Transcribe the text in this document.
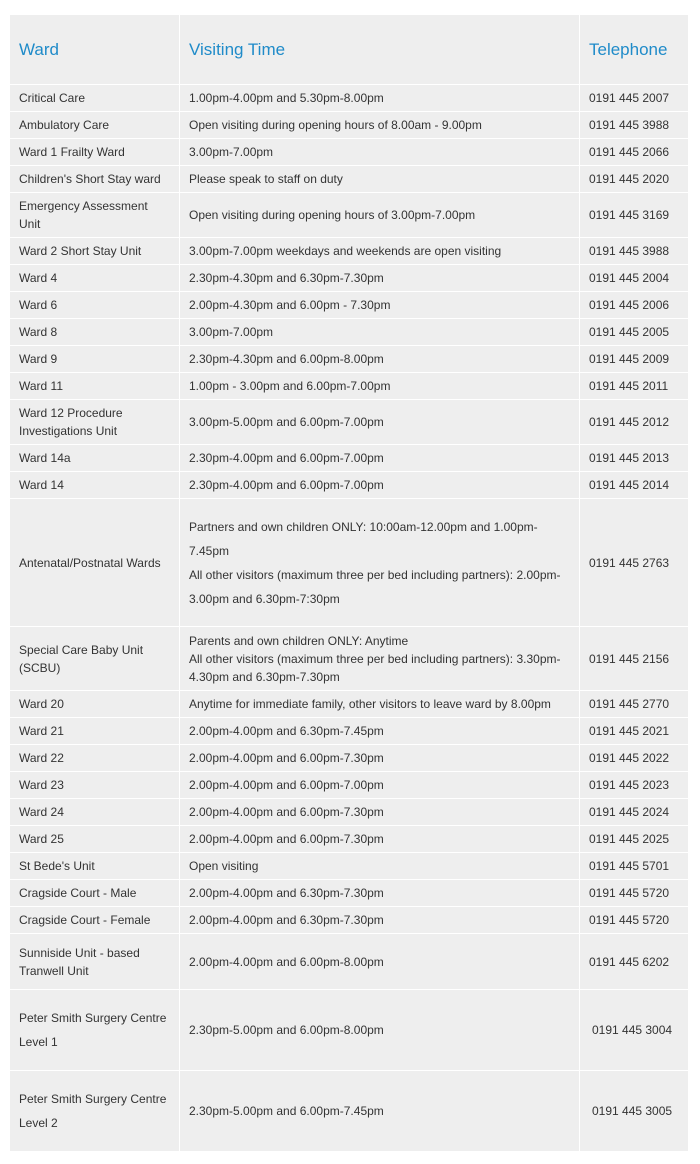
Ward	Visiting Time	Telephone
Critical Care	1.00pm-4.00pm and 5.30pm-8.00pm	0191 445 2007
Ambulatory Care	Open visiting during opening hours of 8.00am - 9.00pm	0191 445 3988
Ward 1 Frailty Ward	3.00pm-7.00pm	0191 445 2066
Children's Short Stay ward	Please speak to staff on duty	0191 445 2020
Emergency Assessment Unit	Open visiting during opening hours of 3.00pm-7.00pm	0191 445 3169
Ward 2 Short Stay Unit	3.00pm-7.00pm weekdays and weekends are open visiting	0191 445 3988
Ward 4	2.30pm-4.30pm and 6.30pm-7.30pm	0191 445 2004
Ward 6	2.00pm-4.30pm and 6.00pm - 7.30pm	0191 445 2006
Ward 8	3.00pm-7.00pm	0191 445 2005
Ward 9	2.30pm-4.30pm and 6.00pm-8.00pm	0191 445 2009
Ward 11	1.00pm - 3.00pm and 6.00pm-7.00pm	0191 445 2011
Ward 12 Procedure Investigations Unit	3.00pm-5.00pm and 6.00pm-7.00pm	0191 445 2012
Ward 14a	2.30pm-4.00pm and 6.00pm-7.00pm	0191 445 2013
Ward 14	2.30pm-4.00pm and 6.00pm-7.00pm	0191 445 2014
Antenatal/Postnatal Wards	Partners and own children ONLY: 10:00am-12.00pm and 1.00pm-7.45pm
All other visitors (maximum three per bed including partners): 2.00pm-3.00pm and 6.30pm-7:30pm	0191 445 2763
Special Care Baby Unit (SCBU)	Parents and own children ONLY: Anytime
All other visitors (maximum three per bed including partners): 3.30pm-4.30pm and 6.30pm-7.30pm	0191 445 2156
Ward 20	Anytime for immediate family, other visitors to leave ward by 8.00pm	0191 445 2770
Ward 21	2.00pm-4.00pm and 6.30pm-7.45pm	0191 445 2021
Ward 22	2.00pm-4.00pm and 6.00pm-7.30pm	0191 445 2022
Ward 23	2.00pm-4.00pm and 6.00pm-7.00pm	0191 445 2023
Ward 24	2.00pm-4.00pm and 6.00pm-7.30pm	0191 445 2024
Ward 25	2.00pm-4.00pm and 6.00pm-7.30pm	0191 445 2025
St Bede's Unit	Open visiting	0191 445 5701
Cragside Court - Male	2.00pm-4.00pm and 6.30pm-7.30pm	0191 445 5720
Cragside Court - Female	2.00pm-4.00pm and 6.30pm-7.30pm	0191 445 5720
Sunniside Unit - based Tranwell Unit	2.00pm-4.00pm and 6.00pm-8.00pm	0191 445 6202
Peter Smith Surgery Centre Level 1	2.30pm-5.00pm and 6.00pm-8.00pm	0191 445 3004
Peter Smith Surgery Centre Level 2	2.30pm-5.00pm and 6.00pm-7.45pm	0191 445 3005
